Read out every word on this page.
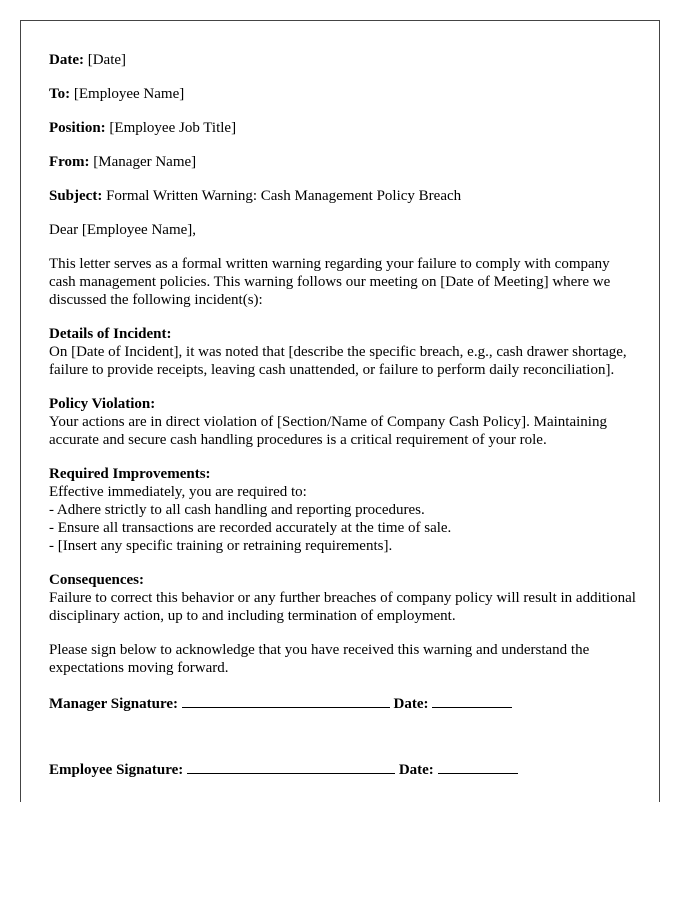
Date: [Date]

To: [Employee Name]

Position: [Employee Job Title]

From: [Manager Name]

Subject: Formal Written Warning: Cash Management Policy Breach

Dear [Employee Name],

This letter serves as a formal written warning regarding your failure to comply with company cash management policies. This warning follows our meeting on [Date of Meeting] where we discussed the following incident(s):

Details of Incident:
On [Date of Incident], it was noted that [describe the specific breach, e.g., cash drawer shortage, failure to provide receipts, leaving cash unattended, or failure to perform daily reconciliation].
Policy Violation:
Your actions are in direct violation of [Section/Name of Company Cash Policy]. Maintaining accurate and secure cash handling procedures is a critical requirement of your role.
Required Improvements:
Effective immediately, you are required to:
- Adhere strictly to all cash handling and reporting procedures.
- Ensure all transactions are recorded accurately at the time of sale.
- [Insert any specific training or retraining requirements].
Consequences:
Failure to correct this behavior or any further breaches of company policy will result in additional disciplinary action, up to and including termination of employment.

Please sign below to acknowledge that you have received this warning and understand the expectations moving forward.

Manager Signature:	Date:
Employee Signature:	Date:
